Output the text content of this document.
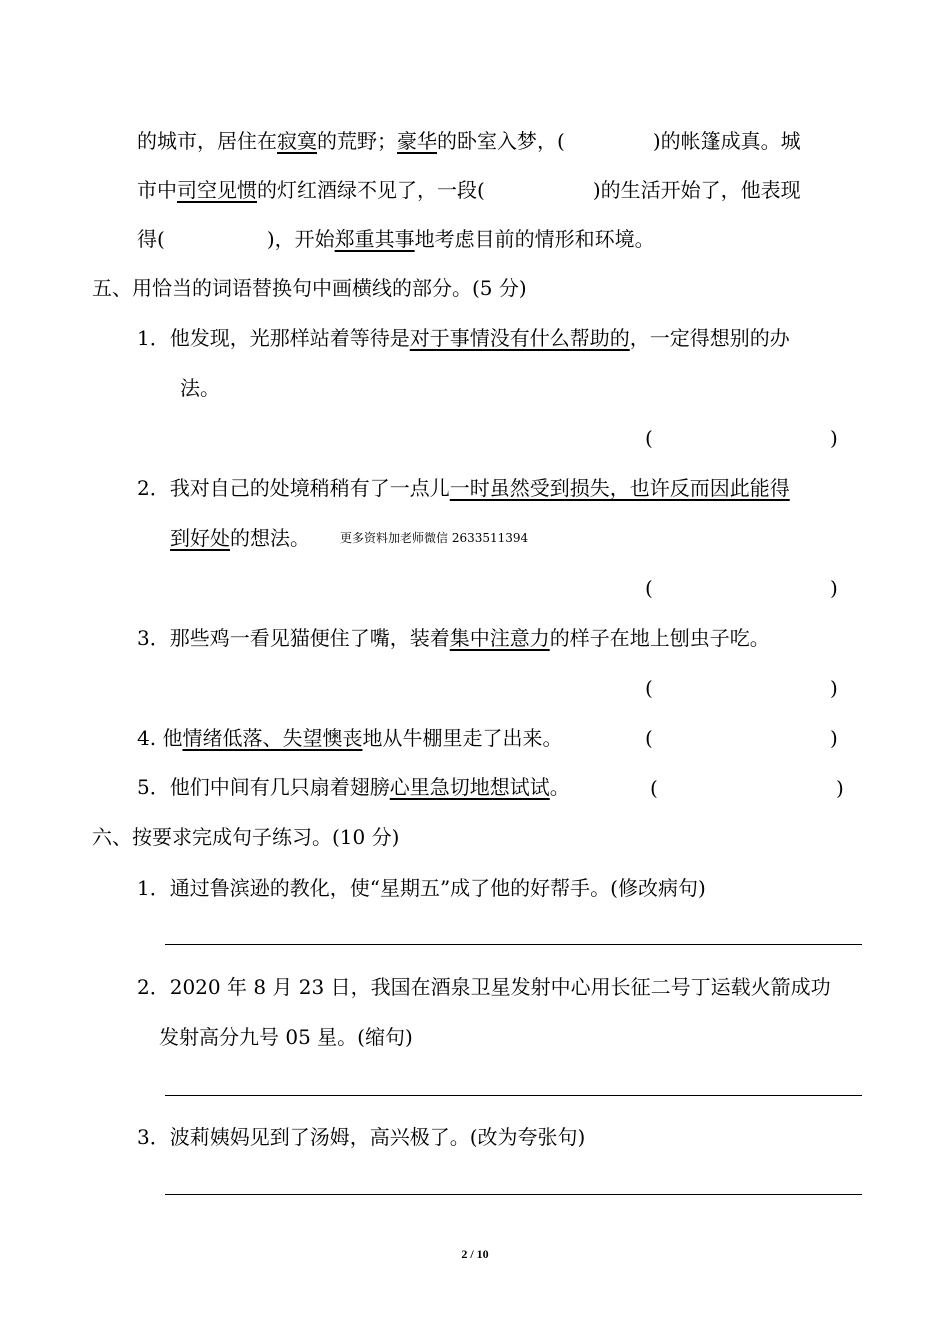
的城市，居住在寂寞的荒野；豪华的卧室入梦，(	)的帐篷成真。城
市中司空见惯的灯红酒绿不见了，一段(	)的生活开始了，他表现
得(	)，开始郑重其事地考虑目前的情形和环境。
五、用恰当的词语替换句中画横线的部分。(5 分)
1．他发现，光那样站着等待是对于事情没有什么帮助的，一定得想别的办
法。
(	)
2．我对自己的处境稍稍有了一点儿一时虽然受到损失，也许反而因此能得
到好处的想法。	更多资料加老师微信 2633511394
(	)
3．那些鸡一看见猫便住了嘴，装着集中注意力的样子在地上刨虫子吃。
(	)
4. 他情绪低落、失望懊丧地从牛棚里走了出来。	(	)
5．他们中间有几只扇着翅膀心里急切地想试试。	(	)
六、按要求完成句子练习。(10 分)
1．通过鲁滨逊的教化，使“星期五”成了他的好帮手。(修改病句)
2．2020 年 8 月 23 日，我国在酒泉卫星发射中心用长征二号丁运载火箭成功
发射高分九号 05 星。(缩句)
3．波莉姨妈见到了汤姆，高兴极了。(改为夸张句)
2 / 10
